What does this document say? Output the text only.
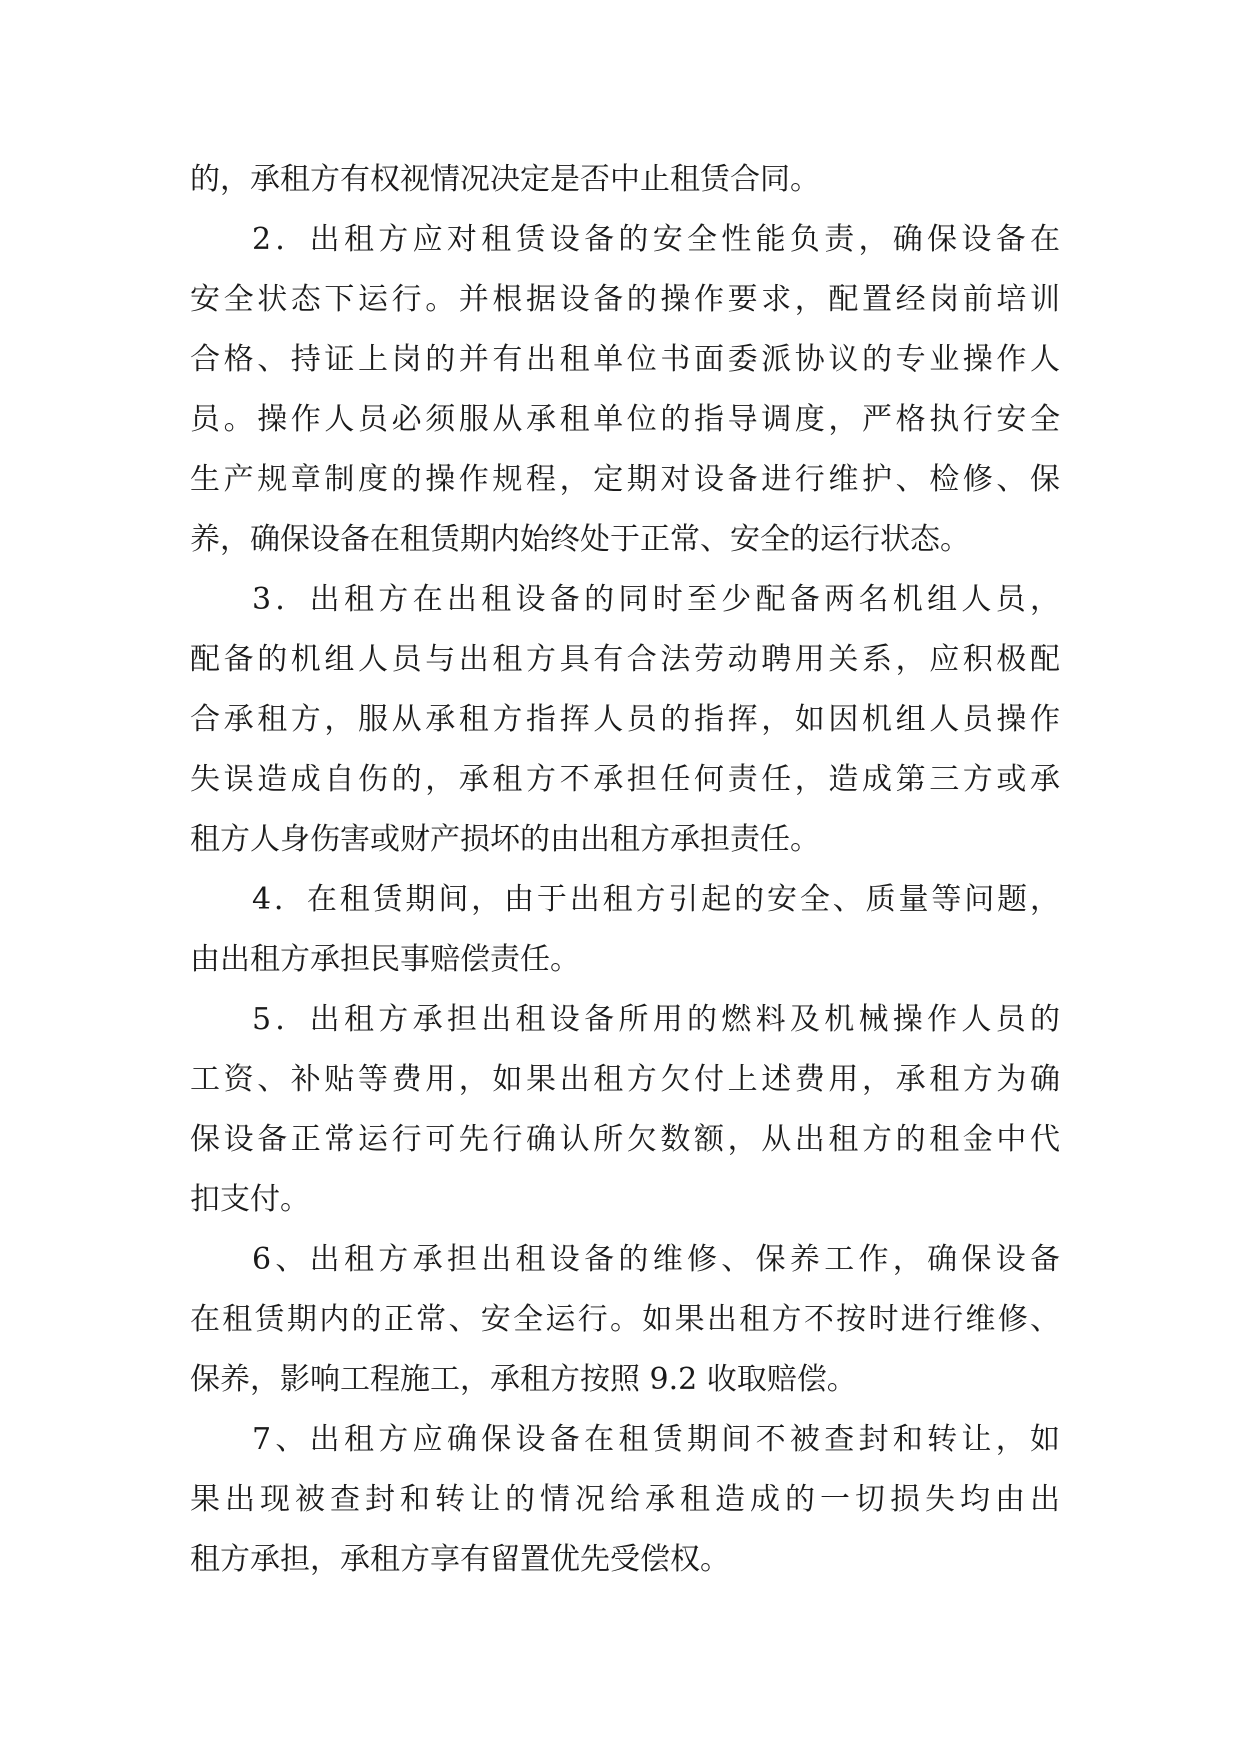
的，承租方有权视情况决定是否中止租赁合同。
2．出租方应对租赁设备的安全性能负责，确保设备在
安全状态下运行。并根据设备的操作要求，配置经岗前培训
合格、持证上岗的并有出租单位书面委派协议的专业操作人
员。操作人员必须服从承租单位的指导调度，严格执行安全
生产规章制度的操作规程，定期对设备进行维护、检修、保
养，确保设备在租赁期内始终处于正常、安全的运行状态。
3．出租方在出租设备的同时至少配备两名机组人员，
配备的机组人员与出租方具有合法劳动聘用关系，应积极配
合承租方，服从承租方指挥人员的指挥，如因机组人员操作
失误造成自伤的，承租方不承担任何责任，造成第三方或承
租方人身伤害或财产损坏的由出租方承担责任。
4．在租赁期间，由于出租方引起的安全、质量等问题，
由出租方承担民事赔偿责任。
5．出租方承担出租设备所用的燃料及机械操作人员的
工资、补贴等费用，如果出租方欠付上述费用，承租方为确
保设备正常运行可先行确认所欠数额，从出租方的租金中代
扣支付。
6、出租方承担出租设备的维修、保养工作，确保设备
在租赁期内的正常、安全运行。如果出租方不按时进行维修、
保养，影响工程施工，承租方按照 9.2 收取赔偿。
7、出租方应确保设备在租赁期间不被查封和转让，如
果出现被查封和转让的情况给承租造成的一切损失均由出
租方承担，承租方享有留置优先受偿权。
